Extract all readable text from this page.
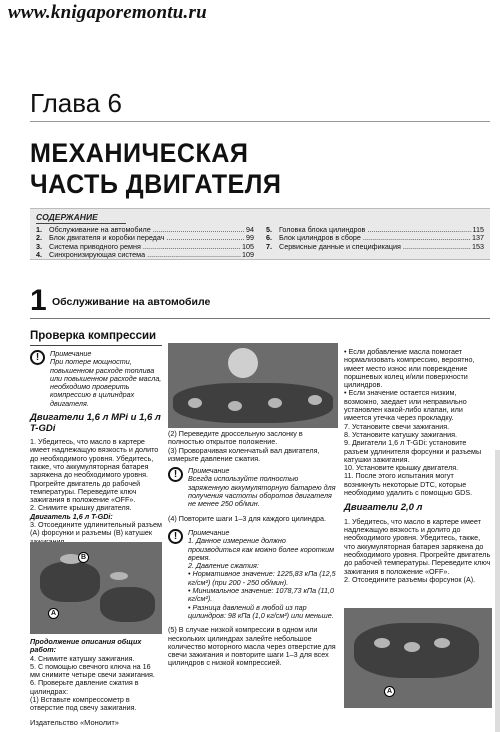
www.knigaporemontu.ru
Глава 6
МЕХАНИЧЕСКАЯ
ЧАСТЬ ДВИГАТЕЛЯ
СОДЕРЖАНИЕ
1. Обслуживание на автомобиле .....	94
2. Блок двигателя и коробки передач .....	99
3. Система приводного ремня .....	105
4. Синхронизирующая система .....	109
5. Головка блока цилиндров .....	115
6. Блок цилиндров в сборе .....	137
7. Сервисные данные и спецификация .....	153
1 Обслуживание на автомобиле
Проверка компрессии
!	Примечание
При потере мощности, повышенном расходе топлива или повышенном расходе масла, необходимо проверить компрессию в цилиндрах двигателя.
Двигатели 1,6 л MPi и 1,6 л T-GDi
1. Убедитесь, что масло в картере имеет надлежащую вязкость и долито до необходимого уровня. Убедитесь, также, что аккумуляторная батарея заряжена до необходимого уровня. Прогрейте двигатель до рабочей температуры. Переведите ключ зажигания в положение «OFF».
2. Снимите крышку двигателя.
Двигатель 1,6 л T-GDi:
3. Отсоедините удлинительный разъем (A) форсунки и разъемы (B) катушек
B
A
Продолжение описания общих работ:
4. Снимите катушку зажигания.
5. С помощью свечного ключа на 16 мм снимите четыре свечи зажигания.
6. Проверьте давление сжатия в цилиндрах:
(1) Вставьте компрессометр в отверстие под свечу зажигания.
(2) Переведите дроссельную заслонку в полностью открытое положение.
(3) Проворачивая коленчатый вал двигателя, измерьте давление сжатия.
!	Примечание
Всегда используйте полностью заряженную аккумуляторную батарею для получения частоты оборотов двигателя не менее 250 об/мин.
(4) Повторите шаги 1–3 для каждого цилиндра.
!	Примечание
1. Данное измерение должно производиться как можно более коротким время.
2. Давление сжатия:
• Нормативное значение: 1225,83 кПа (12,5 кг/см²) (при 200 - 250 об/мин).
• Минимальное значение: 1078,73 кПа (11,0 кг/см²).
• Разница давлений в любой из пар цилиндров: 98 кПа (1,0 кг/см²) или меньше.
(5) В случае низкой компрессии в одном или нескольких цилиндрах залейте небольшое количество моторного масла через отверстие для свечи зажигания и повторите шаги 1–3 для всех цилиндров с низкой компрессией.
• Если добавление масла помогает нормализовать компрессию, вероятно, имеет место износ или повреждение поршневых колец и/или поверхности цилиндров.
• Если значение остается низким, возможно, заедает или неправильно установлен какой-либо клапан, или имеется утечка через прокладку.
7. Установите свечи зажигания.
8. Установите катушку зажигания.
9. Двигатели 1,6 л T-GDi: установите разъем удлинителя форсунки и разъемы катушки зажигания.
10. Установите крышку двигателя.
11. После этого испытания могут возникнуть некоторые DTC, которые необходимо удалить с помощью GDS.
Двигатели 2,0 л
1. Убедитесь, что масло в картере имеет надлежащую вязкость и долито до необходимого уровня. Убедитесь, также, что аккумуляторная батарея заряжена до необходимого уровня. Прогрейте двигатель до рабочей температуры. Переведите ключ зажигания в положение «OFF».
2. Отсоедините разъемы форсунок (A).
A
Издательство «Монолит»
